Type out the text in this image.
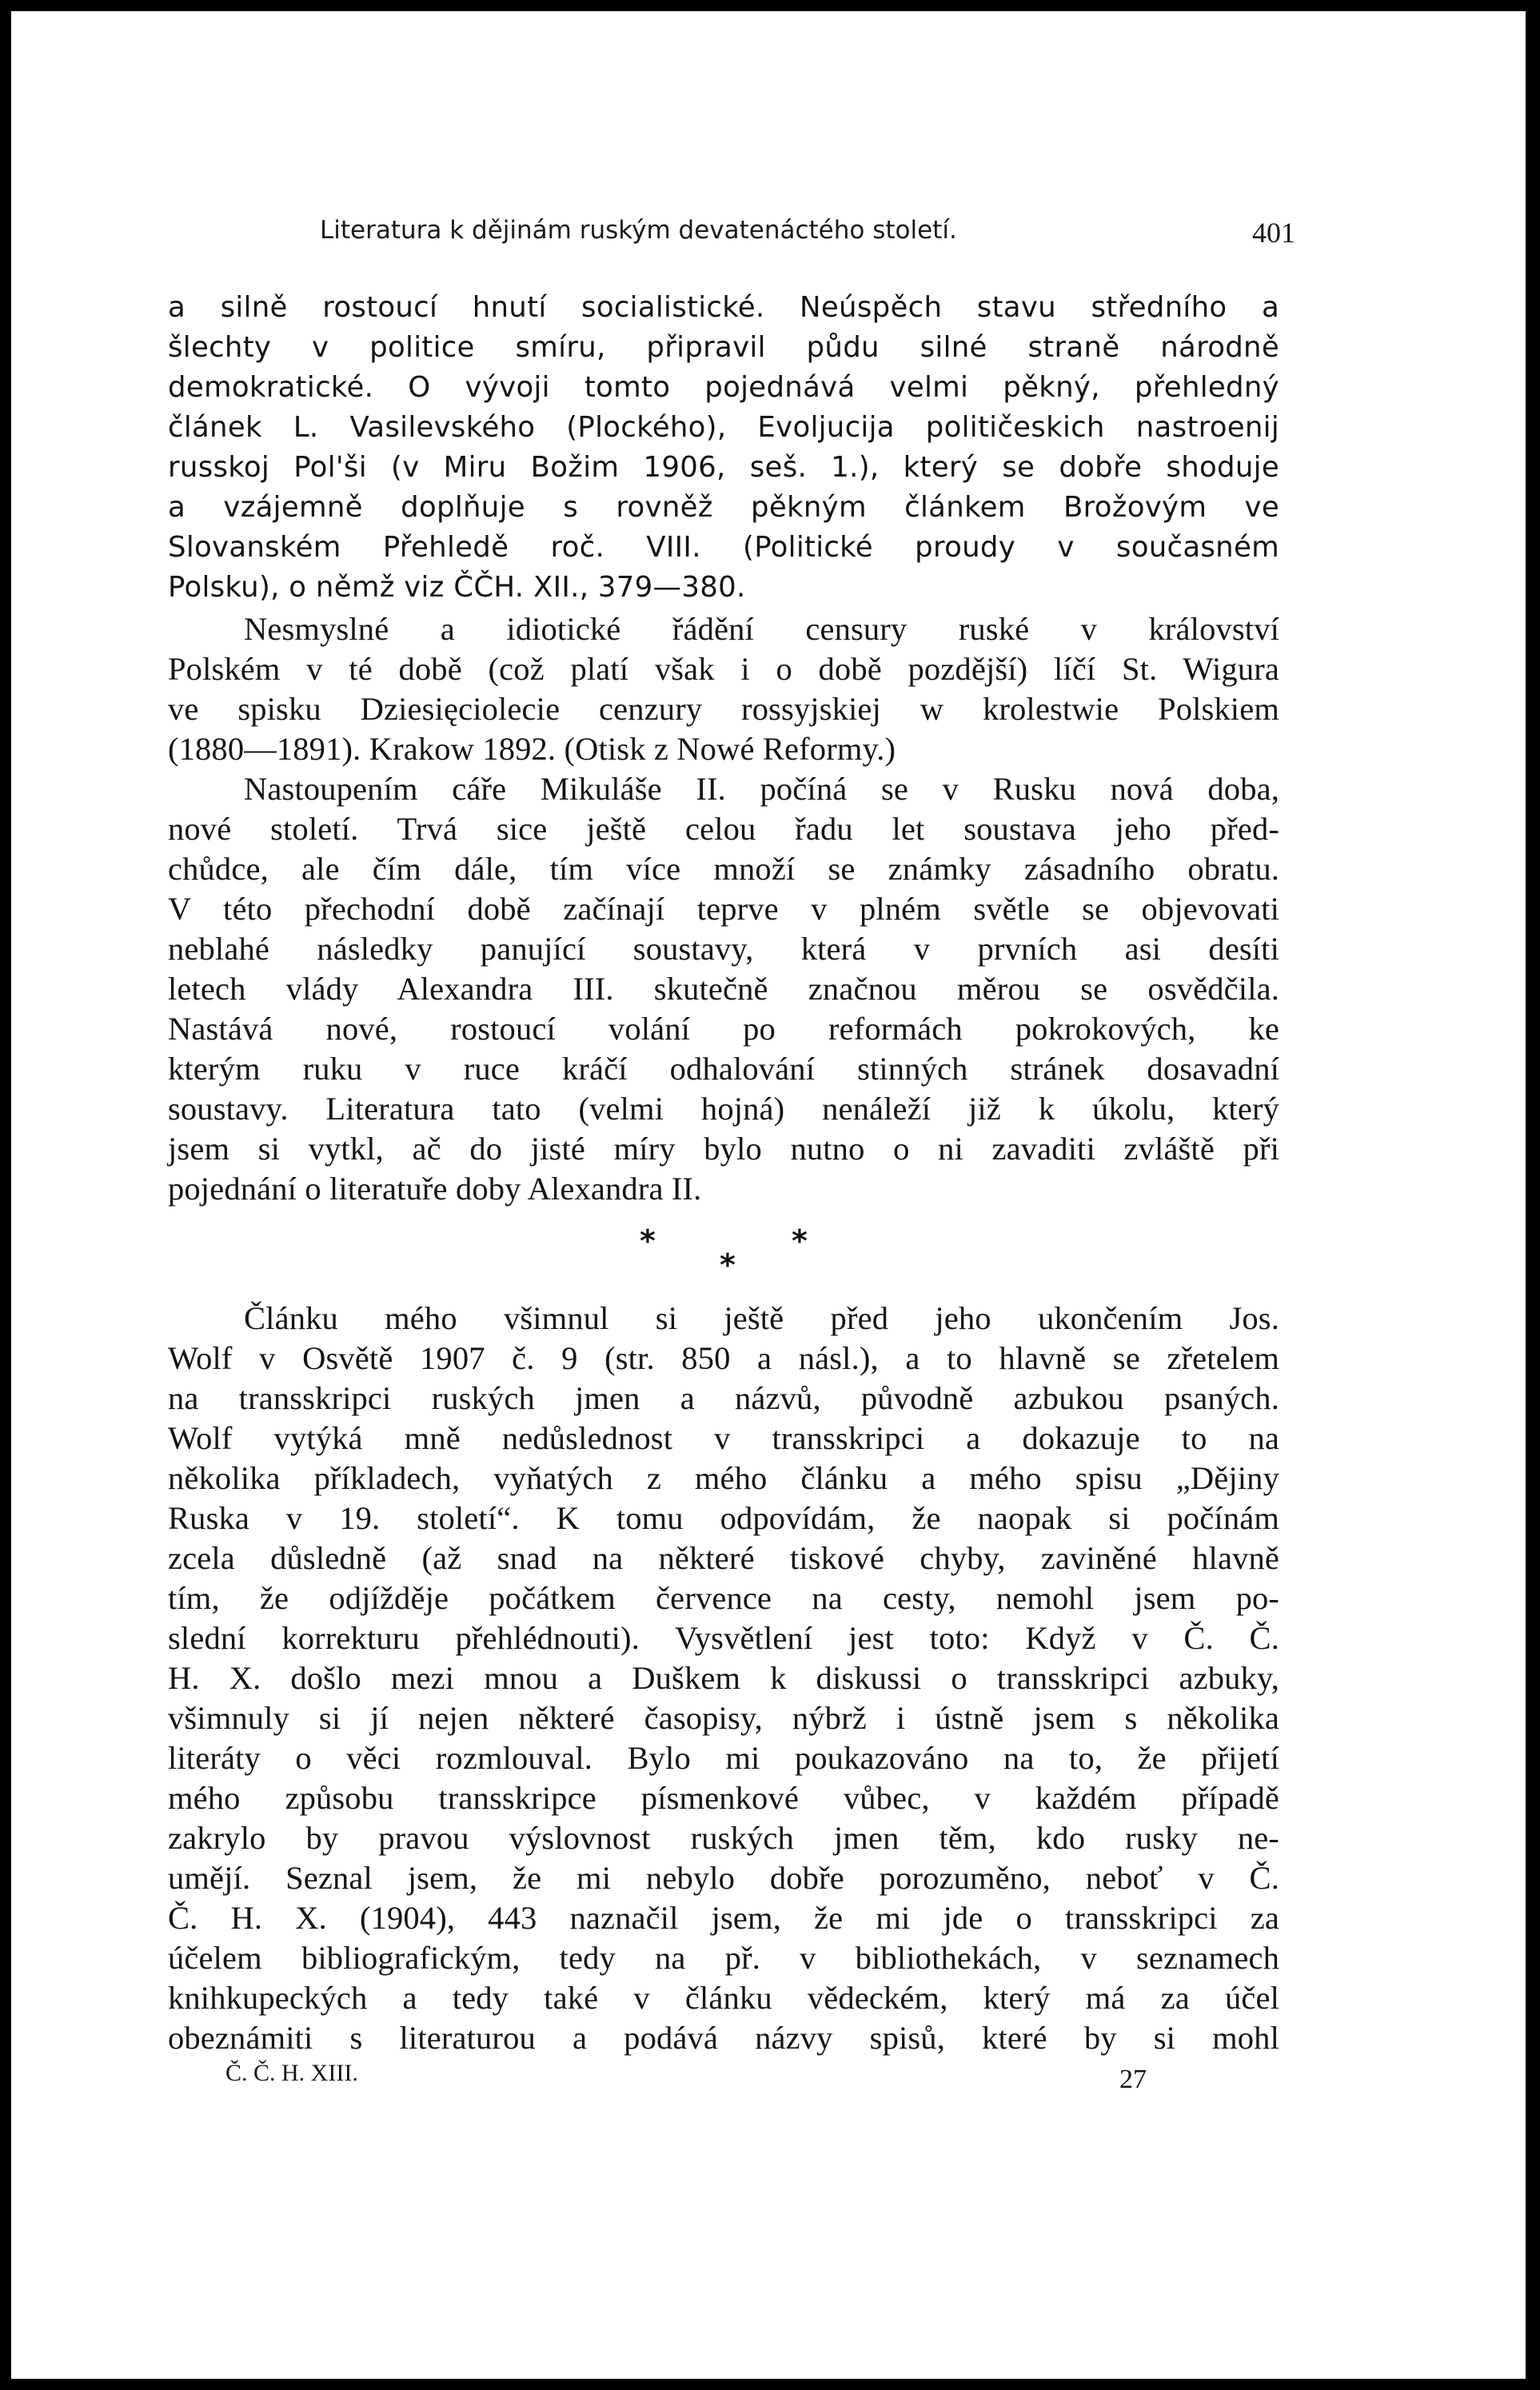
Literatura k dějinám ruským devatenáctého století.	401
a silně rostoucí hnutí socialistické. Neúspěch stavu středního a
šlechty v politice smíru, připravil půdu silné straně národně
demokratické. O vývoji tomto pojednává velmi pěkný, přehledný
článek L. Vasilevského (Plockého), Evoljucija političeskich nastroenij
russkoj Pol'ši (v Miru Božim 1906, seš. 1.), který se dobře shoduje
a vzájemně doplňuje s rovněž pěkným článkem Brožovým ve
Slovanském Přehledě roč. VIII. (Politické proudy v současném
Polsku), o němž viz ČČH. XII., 379—380.
Nesmyslné a idiotické řádění censury ruské v království
Polském v té době (což platí však i o době pozdější) líčí St. Wigura
ve spisku Dziesięciolecie cenzury rossyjskiej w krolestwie Polskiem
(1880—1891). Krakow 1892. (Otisk z Nowé Reformy.)
Nastoupením cáře Mikuláše II. počíná se v Rusku nová doba,
nové století. Trvá sice ještě celou řadu let soustava jeho před-
chůdce, ale čím dále, tím více množí se známky zásadního obratu.
V této přechodní době začínají teprve v plném světle se objevovati
neblahé následky panující soustavy, která v prvních asi desíti
letech vlády Alexandra III. skutečně značnou měrou se osvědčila.
Nastává nové, rostoucí volání po reformách pokrokových, ke
kterým ruku v ruce kráčí odhalování stinných stránek dosavadní
soustavy. Literatura tato (velmi hojná) nenáleží již k úkolu, který
jsem si vytkl, ač do jisté míry bylo nutno o ni zavaditi zvláště při
pojednání o literatuře doby Alexandra II.
*
*
*
Článku mého všimnul si ještě před jeho ukončením Jos.
Wolf v Osvětě 1907 č. 9 (str. 850 a násl.), a to hlavně se zřetelem
na transskripci ruských jmen a názvů, původně azbukou psaných.
Wolf vytýká mně nedůslednost v transskripci a dokazuje to na
několika příkladech, vyňatých z mého článku a mého spisu „Dějiny
Ruska v 19. století“. K tomu odpovídám, že naopak si počínám
zcela důsledně (až snad na některé tiskové chyby, zaviněné hlavně
tím, že odjížděje počátkem července na cesty, nemohl jsem po-
slední korrekturu přehlédnouti). Vysvětlení jest toto: Když v Č. Č.
H. X. došlo mezi mnou a Duškem k diskussi o transskripci azbuky,
všimnuly si jí nejen některé časopisy, nýbrž i ústně jsem s několika
literáty o věci rozmlouval. Bylo mi poukazováno na to, že přijetí
mého způsobu transskripce písmenkové vůbec, v každém případě
zakrylo by pravou výslovnost ruských jmen těm, kdo rusky ne-
umějí. Seznal jsem, že mi nebylo dobře porozuměno, neboť v Č.
Č. H. X. (1904), 443 naznačil jsem, že mi jde o transskripci za
účelem bibliografickým, tedy na př. v bibliothekách, v seznamech
knihkupeckých a tedy také v článku vědeckém, který má za účel
obeznámiti s literaturou a podává názvy spisů, které by si mohl
Č. Č. H. XIII.	27
